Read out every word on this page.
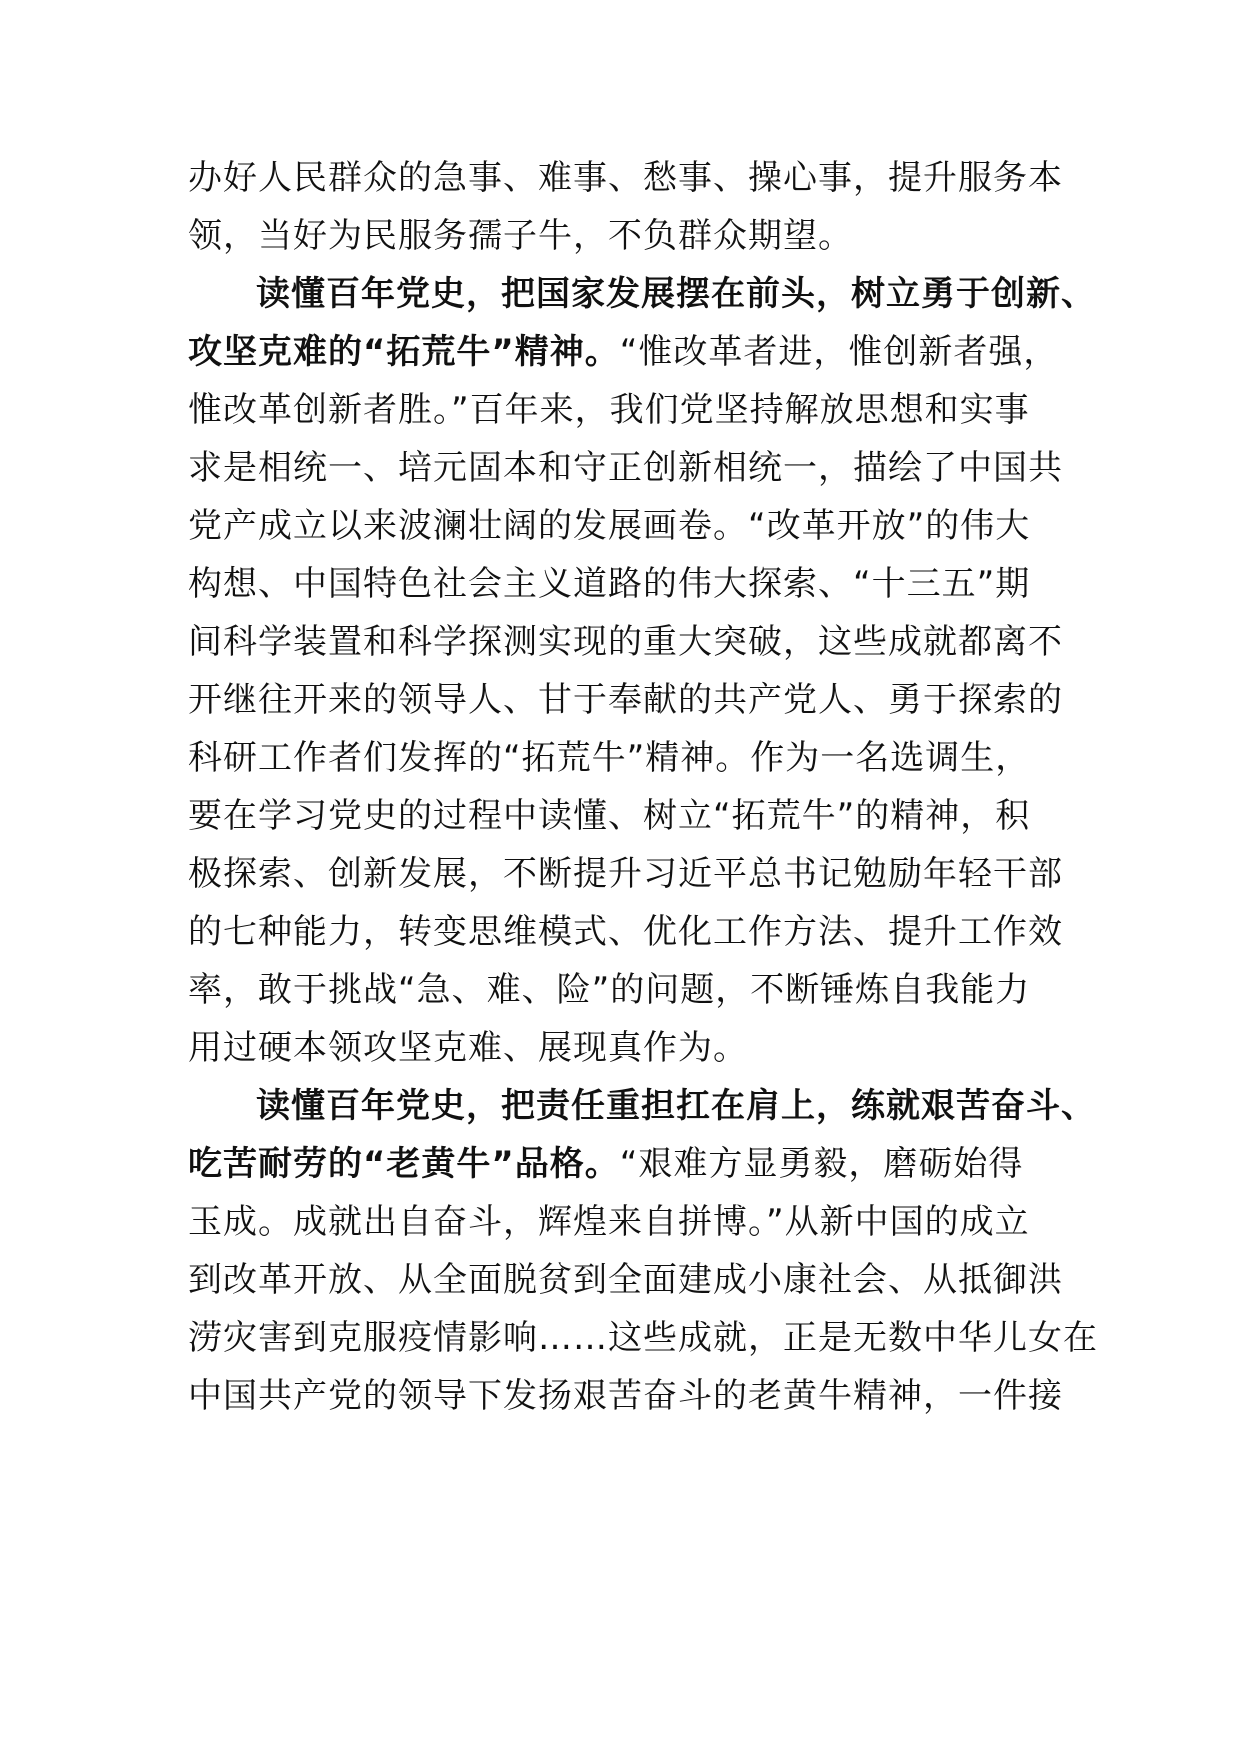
办好人民群众的急事、难事、愁事、操心事，提升服务本
领，当好为民服务孺子牛，不负群众期望。
读懂百年党史，把国家发展摆在前头，树立勇于创新、
攻坚克难的“拓荒牛”精神。“惟改革者进，惟创新者强，
惟改革创新者胜。”百年来，我们党坚持解放思想和实事
求是相统一、培元固本和守正创新相统一，描绘了中国共
党产成立以来波澜壮阔的发展画卷。“改革开放”的伟大
构想、中国特色社会主义道路的伟大探索、“十三五”期
间科学装置和科学探测实现的重大突破，这些成就都离不
开继往开来的领导人、甘于奉献的共产党人、勇于探索的
科研工作者们发挥的“拓荒牛”精神。作为一名选调生，
要在学习党史的过程中读懂、树立“拓荒牛”的精神，积
极探索、创新发展，不断提升习近平总书记勉励年轻干部
的七种能力，转变思维模式、优化工作方法、提升工作效
率，敢于挑战“急、难、险”的问题，不断锤炼自我能力
用过硬本领攻坚克难、展现真作为。
读懂百年党史，把责任重担扛在肩上，练就艰苦奋斗、
吃苦耐劳的“老黄牛”品格。“艰难方显勇毅，磨砺始得
玉成。成就出自奋斗，辉煌来自拼博。”从新中国的成立
到改革开放、从全面脱贫到全面建成小康社会、从抵御洪
涝灾害到克服疫情影响……这些成就，正是无数中华儿女在
中国共产党的领导下发扬艰苦奋斗的老黄牛精神，一件接
